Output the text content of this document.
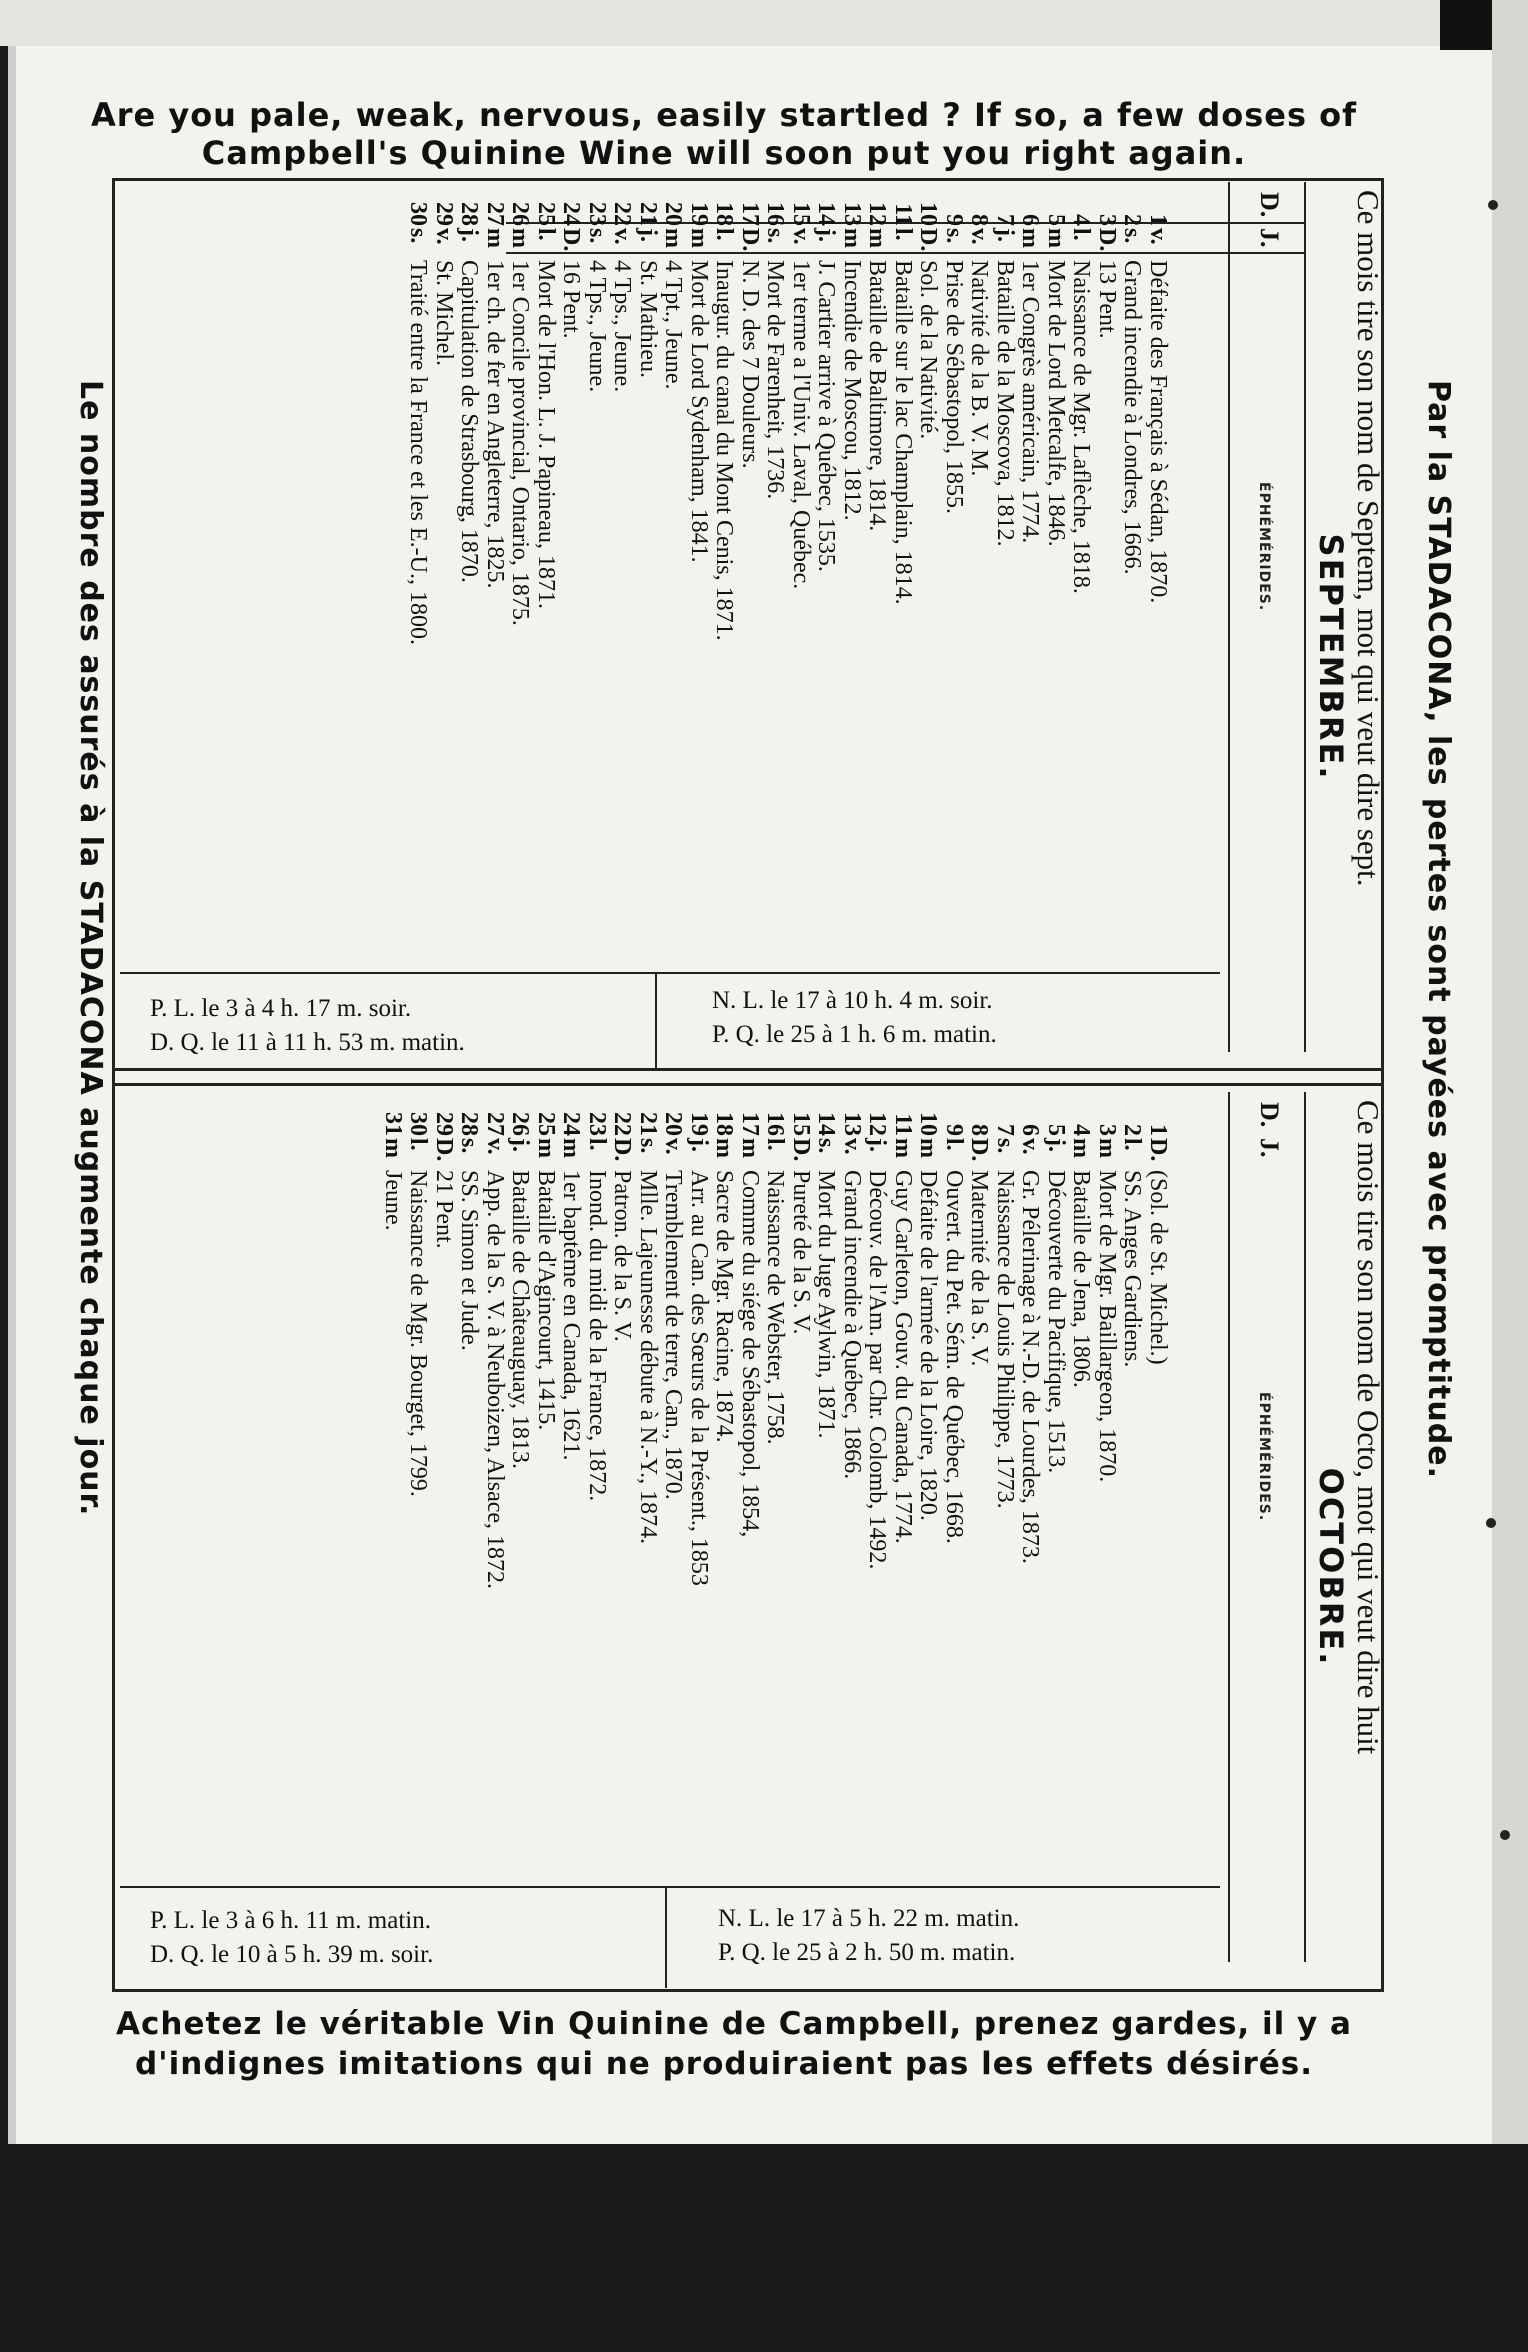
Are you pale, weak, nervous, easily startled ? If so, a few doses of
Campbell's Quinine Wine will soon put you right again.
Par la STADACONA, les pertes sont payées avec promptitude.
Le nombre des assurés à la STADACONA augmente chaque jour.	Ce mois tire son nom de Septem, mot qui veut dire sept.
SEPTEMBRE.
D.
J.
ÉPHÉMÉRIDES.
1
v.
Défaite des Français à Sédan, 1870.
2
s.
Grand incendie à Londres, 1666.
3
D.
13 Pent.
4
l.
Naissance de Mgr. Laflèche, 1818.
5
m
Mort de Lord Metcalfe, 1846.
6
m
1er Congrès américain, 1774.
7
j.
Bataille de la Moscova, 1812.
8
v.
Nativité de la B. V. M.
9
s.
Prise de Sébastopol, 1855.
10
D.
Sol. de la Nativité.
11
l.
Bataille sur le lac Champlain, 1814.
12
m
Bataille de Baltimore, 1814.
13
m
Incendie de Moscou, 1812.
14
j.
J. Cartier arrive à Québec, 1535.
15
v.
1er terme a l'Univ. Laval, Québec.
16
s.
Mort de Farenheit, 1736.
17
D.
N. D. des 7 Douleurs.
18
l.
Inaugur. du canal du Mont Cenis, 1871.
19
m
Mort de Lord Sydenham, 1841.
20
m
4 Tpt., Jeune.
21
j.
St. Mathieu.
22
v.
4 Tps., Jeune.
23
s.
4 Tps., Jeune.
24
D.
16 Pent.
25
l.
Mort de l'Hon. L. J. Papineau, 1871.
26
m
1er Concile provincial, Ontario, 1875.
27
m
1er ch. de fer en Angleterre, 1825.
28
j.
Capitulation de Strasbourg, 1870.
29
v.
St. Michel.
30
s.
Traité entre la France et les E.-U., 1800.
1
D.
(Sol. de St. Michel.)
2
l.
SS. Anges Gardiens.
3
m
Mort de Mgr. Baillargeon, 1870.
4
m
Bataille de Jena, 1806.
5
j.
Découverte du Pacifique, 1513.
6
v.
Gr. Pélerinage à N.-D. de Lourdes, 1873.
7
s.
Naissance de Louis Philippe, 1773.
8
D.
Maternité de la S. V.
9
l.
Ouvert. du Pet. Sém. de Québec, 1668.
10
m
Défaite de l'armée de la Loire, 1820.
11
m
Guy Carleton, Gouv. du Canada, 1774.
12
j.
Découv. de l'Am. par Chr. Colomb, 1492.
13
v.
Grand incendie à Québec, 1866.
14
s.
Mort du Juge Aylwin, 1871.
15
D.
Pureté de la S. V.
16
l.
Naissance de Webster, 1758.
17
m
Comme du siége de Sébastopol, 1854,
18
m
Sacre de Mgr. Racine, 1874.
19
j.
Arr. au Can. des Sœurs de la Présent., 1853
20
v.
Tremblement de terre, Can., 1870.
21
s.
Mlle. Lajeunesse débute à N.-Y., 1874.
22
D.
Patron. de la S. V.
23
l.
Inond. du midi de la France, 1872.
24
m
1er baptême en Canada, 1621.
25
m
Bataille d'Agincourt, 1415.
26
j.
Bataille de Châteauguay, 1813.
27
v.
App. de la S. V. à Neuboizen, Alsace, 1872.
28
s.
SS. Simon et Jude.
29
D.
21 Pent.
30
l.
Naissance de Mgr. Bourget, 1799.
31
m
Jeune.	Ce mois tire son nom de Octo, mot qui veut dire huit
OCTOBRE.
D.
J.
ÉPHÉMÉRIDES.
N. L. le 17 à 10 h. 4 m. soir.
P. Q. le 25 à 1 h. 6 m. matin.
P. L. le 3 à 4 h. 17 m. soir.
D. Q. le 11 à 11 h. 53 m. matin.
N. L. le 17 à 5 h. 22 m. matin.
P. Q. le 25 à 2 h. 50 m. matin.
P. L. le 3 à 6 h. 11 m. matin.
D. Q. le 10 à 5 h. 39 m. soir.
Achetez le véritable Vin Quinine de Campbell, prenez gardes, il y a
d'indignes imitations qui ne produiraient pas les effets désirés.
